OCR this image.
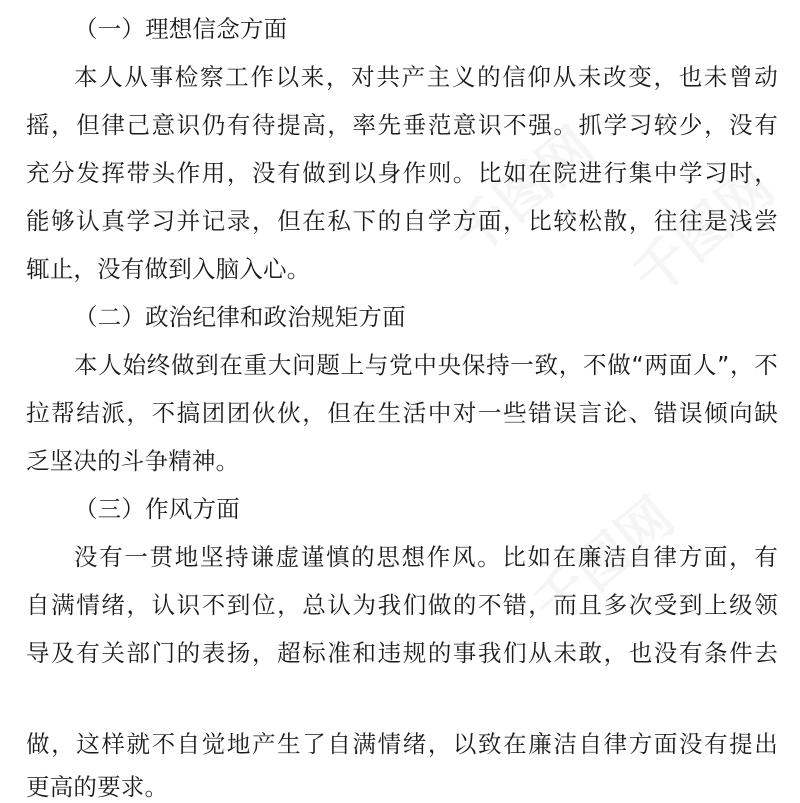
千图网 千图网
千图网
（一）理想信念方面
本人从事检察工作以来，对共产主义的信仰从未改变，也未曾动
摇，但律己意识仍有待提高，率先垂范意识不强。抓学习较少，没有
充分发挥带头作用，没有做到以身作则。比如在院进行集中学习时，
能够认真学习并记录，但在私下的自学方面，比较松散，往往是浅尝
辄止，没有做到入脑入心。
（二）政治纪律和政治规矩方面
本人始终做到在重大问题上与党中央保持一致，不做“两面人”，不
拉帮结派，不搞团团伙伙，但在生活中对一些错误言论、错误倾向缺
乏坚决的斗争精神。
（三）作风方面
没有一贯地坚持谦虚谨慎的思想作风。比如在廉洁自律方面，有
自满情绪，认识不到位，总认为我们做的不错，而且多次受到上级领
导及有关部门的表扬，超标准和违规的事我们从未敢，也没有条件去
做，这样就不自觉地产生了自满情绪，以致在廉洁自律方面没有提出
更高的要求。
